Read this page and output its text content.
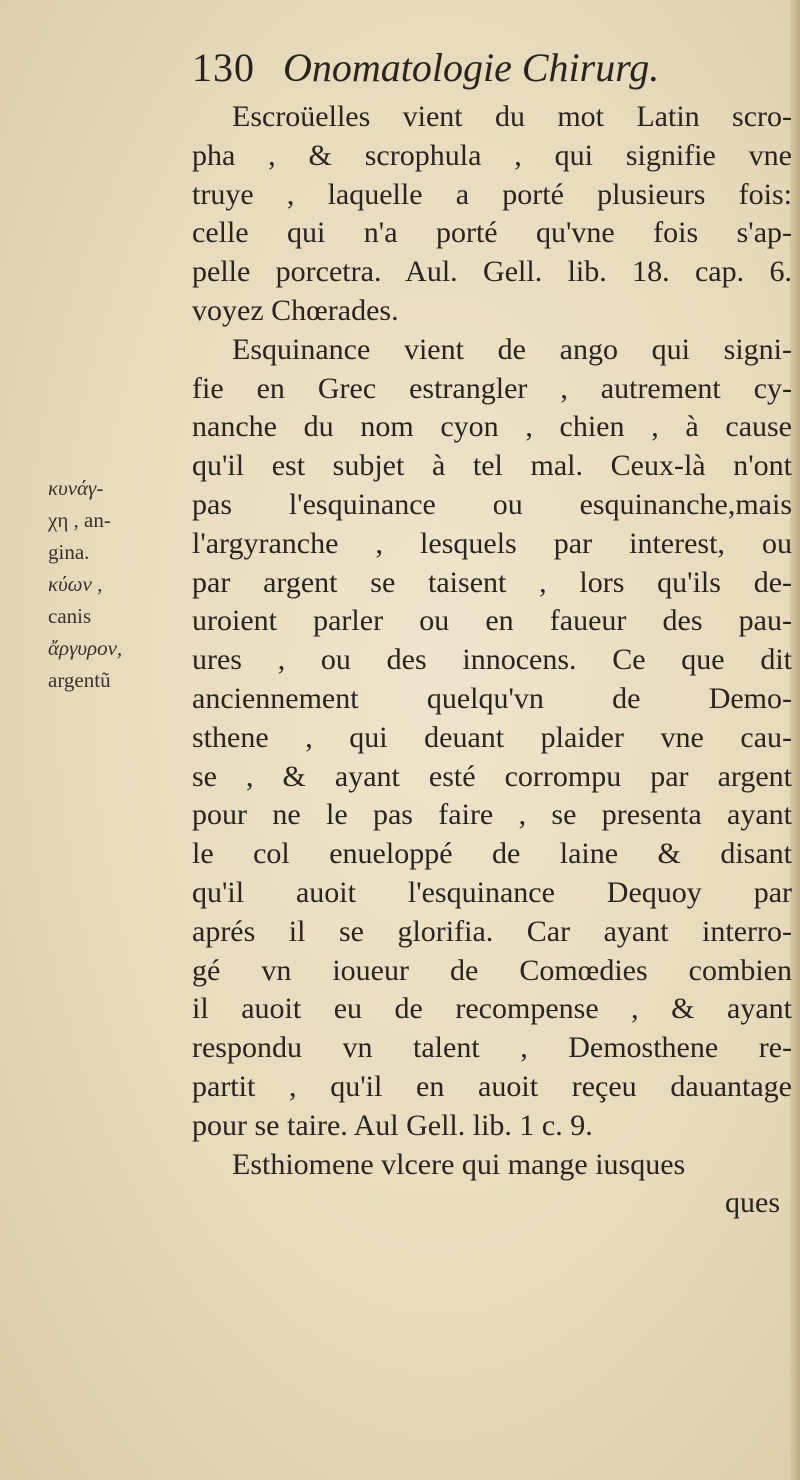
130 Onomatologie Chirurg.
Escroüelles vient du mot Latin scro-
pha , & scrophula , qui signifie vne
truye , laquelle a porté plusieurs fois:
celle qui n'a porté qu'vne fois s'ap-
pelle porcetra. Aul. Gell. lib. 18. cap. 6.
voyez Chœrades.
Esquinance vient de ango qui signi-
fie en Grec estrangler , autrement cy-
nanche du nom cyon , chien , à cause
qu'il est subjet à tel mal. Ceux-là n'ont
pas l'esquinance ou esquinanche,mais
l'argyranche , lesquels par interest, ou
par argent se taisent , lors qu'ils de-
uroient parler ou en faueur des pau-
ures , ou des innocens. Ce que dit
anciennement quelqu'vn de Demo-
sthene , qui deuant plaider vne cau-
se , & ayant esté corrompu par argent
pour ne le pas faire , se presenta ayant
le col enueloppé de laine & disant
qu'il auoit l'esquinance Dequoy par
aprés il se glorifia. Car ayant interro-
gé vn ioueur de Comœdies combien
il auoit eu de recompense , & ayant
respondu vn talent , Demosthene re-
partit , qu'il en auoit reçeu dauantage
pour se taire. Aul Gell. lib. 1 c. 9.
Esthiomene vlcere qui mange iusques
ques
κυνάγ-
χη , an-
gina.
κύων ,
canis
ἄργυρον,
argentũ
